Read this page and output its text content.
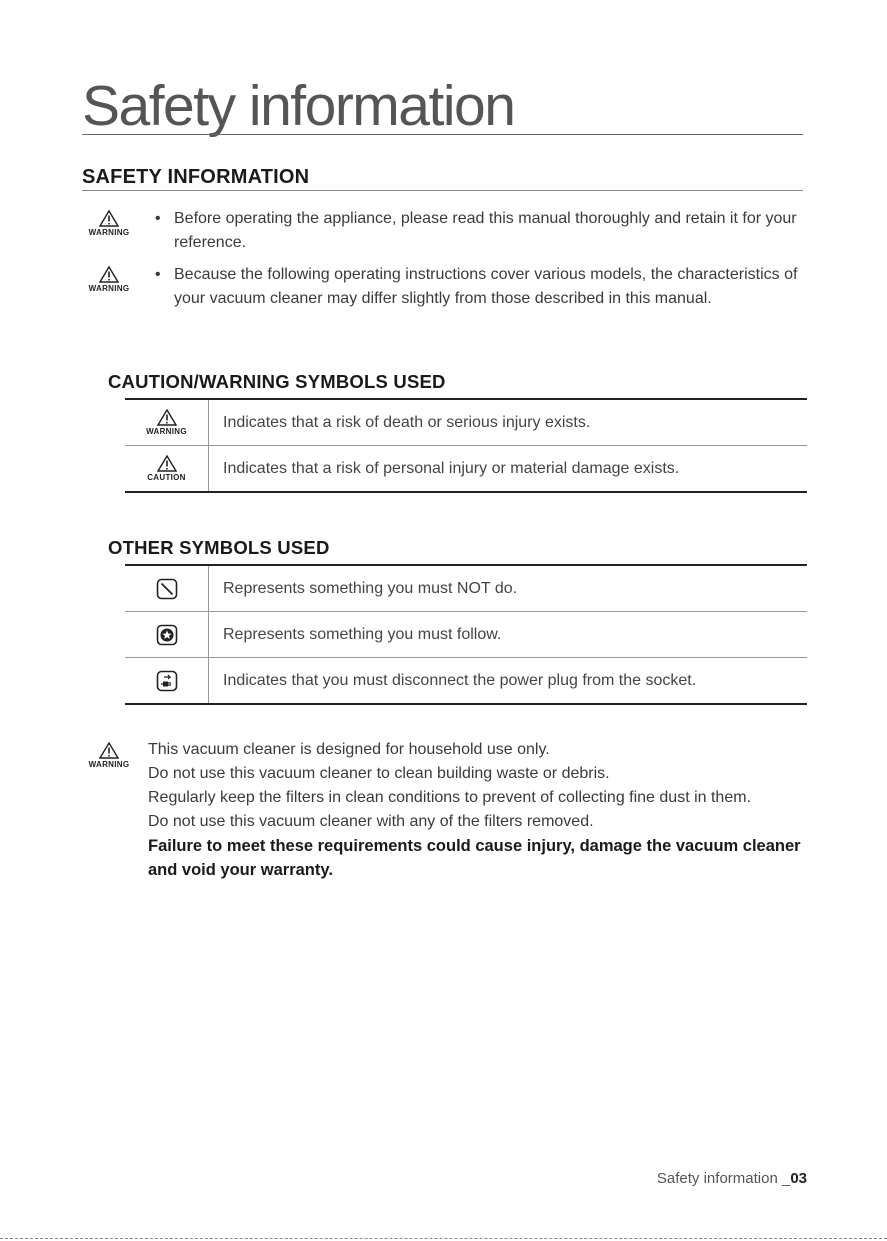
Safety information
SAFETY INFORMATION
WARNING
• Before operating the appliance, please read this manual thoroughly and retain it for your reference.
WARNING
• Because the following operating instructions cover various models, the characteristics of your vacuum cleaner may differ slightly from those described in this manual.
CAUTION/WARNING SYMBOLS USED
WARNING
Indicates that a risk of death or serious injury exists.
CAUTION
Indicates that a risk of personal injury or material damage exists.
OTHER SYMBOLS USED
Represents something you must NOT do.
Represents something you must follow.
Indicates that you must disconnect the power plug from the socket.
WARNING

This vacuum cleaner is designed for household use only.

Do not use this vacuum cleaner to clean building waste or debris.

Regularly keep the filters in clean conditions to prevent of collecting fine dust in them.

Do not use this vacuum cleaner with any of the filters removed.

Failure to meet these requirements could cause injury, damage the vacuum cleaner and void your warranty.

Safety information _03
